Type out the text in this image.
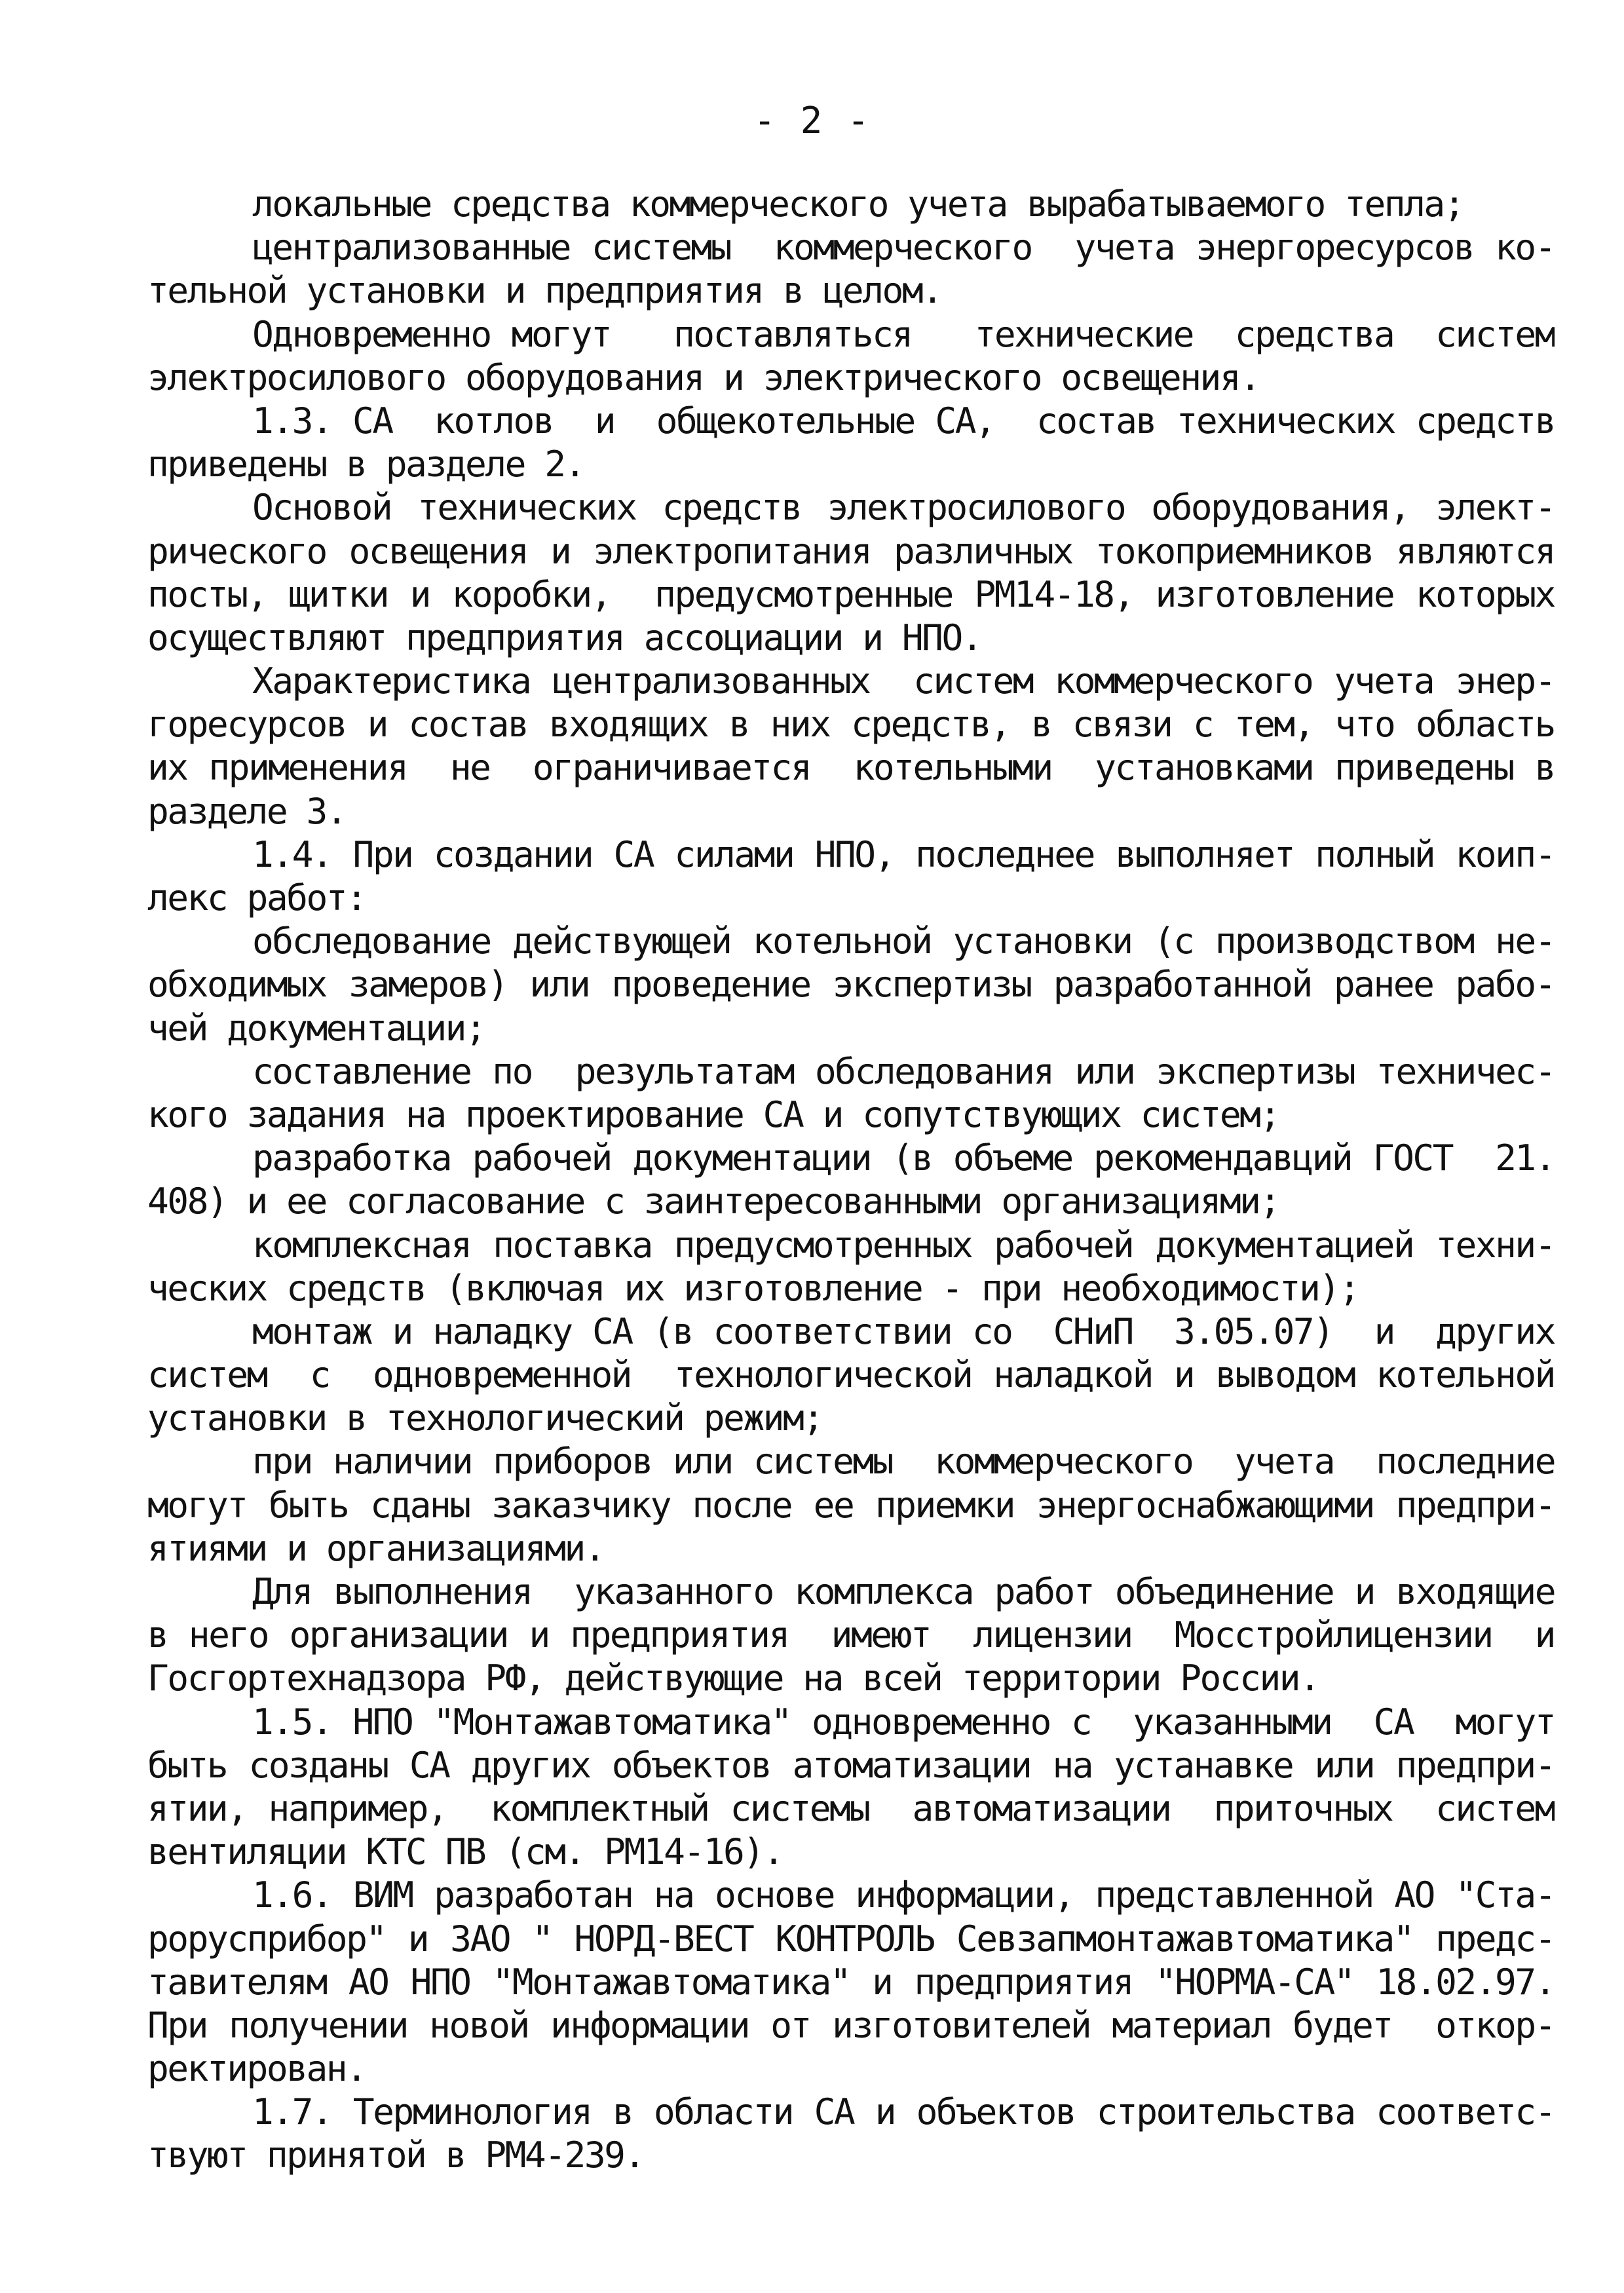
- 2 -
локальные средства коммерческого учета вырабатываемого тепла;
централизованные системы  коммерческого  учета энергоресурсов ко-
тельной установки и предприятия в целом.
Одновременно могут   поставляться   технические  средства  систем
электросилового оборудования и электрического освещения.
1.3. СА  котлов  и  общекотельные СА,  состав технических средств
приведены в разделе 2.
Основой технических средств электросилового оборудования, элект-
рического освещения и электропитания различных токоприемников являются
посты, щитки и коробки,  предусмотренные РМ14-18, изготовление которых
осуществляют предприятия ассоциации и НПО.
Характеристика централизованных  систем коммерческого учета энер-
горесурсов и состав входящих в них средств, в связи с тем, что область
их применения  не  ограничивается  котельными  установками приведены в
разделе 3.
1.4. При создании СА силами НПО, последнее выполняет полный коип-
лекс работ:
обследование действующей котельной установки (с производством не-
обходимых замеров) или проведение экспертизы разработанной ранее рабо-
чей документации;
составление по  результатам обследования или экспертизы техничес-
кого задания на проектирование СА и сопутствующих систем;
разработка рабочей документации (в объеме рекомендавций ГОСТ  21.
408) и ее согласование с заинтересованными организациями;
комплексная поставка предусмотренных рабочей документацией техни-
ческих средств (включая их изготовление - при необходимости);
монтаж и наладку СА (в соответствии со  СНиП  3.05.07)  и  других
систем  с  одновременной  технологической наладкой и выводом котельной
установки в технологический режим;
при наличии приборов или системы  коммерческого  учета  последние
могут быть сданы заказчику после ее приемки энергоснабжающими предпри-
ятиями и организациями.
Для выполнения  указанного комплекса работ объединение и входящие
в него организации и предприятия  имеют  лицензии  Мосстройлицензии  и
Госгортехнадзора РФ, действующие на всей территории России.
1.5. НПО "Монтажавтоматика" одновременно с  указанными  СА  могут
быть созданы СА других объектов атоматизации на устанавке или предпри-
ятии, например,  комплектный системы  автоматизации  приточных  систем
вентиляции КТС ПВ (см. РМ14-16).
1.6. ВИМ разработан на основе информации, представленной АО "Ста-
рорусприбор" и ЗАО " НОРД-ВЕСТ КОНТРОЛЬ Севзапмонтажавтоматика" предс-
тавителям АО НПО "Монтажавтоматика" и предприятия "НОРМА-СА" 18.02.97.
При получении новой информации от изготовителей материал будет  откор-
ректирован.
1.7. Терминология в области СА и объектов строительства соответс-
твуют принятой в РМ4-239.
